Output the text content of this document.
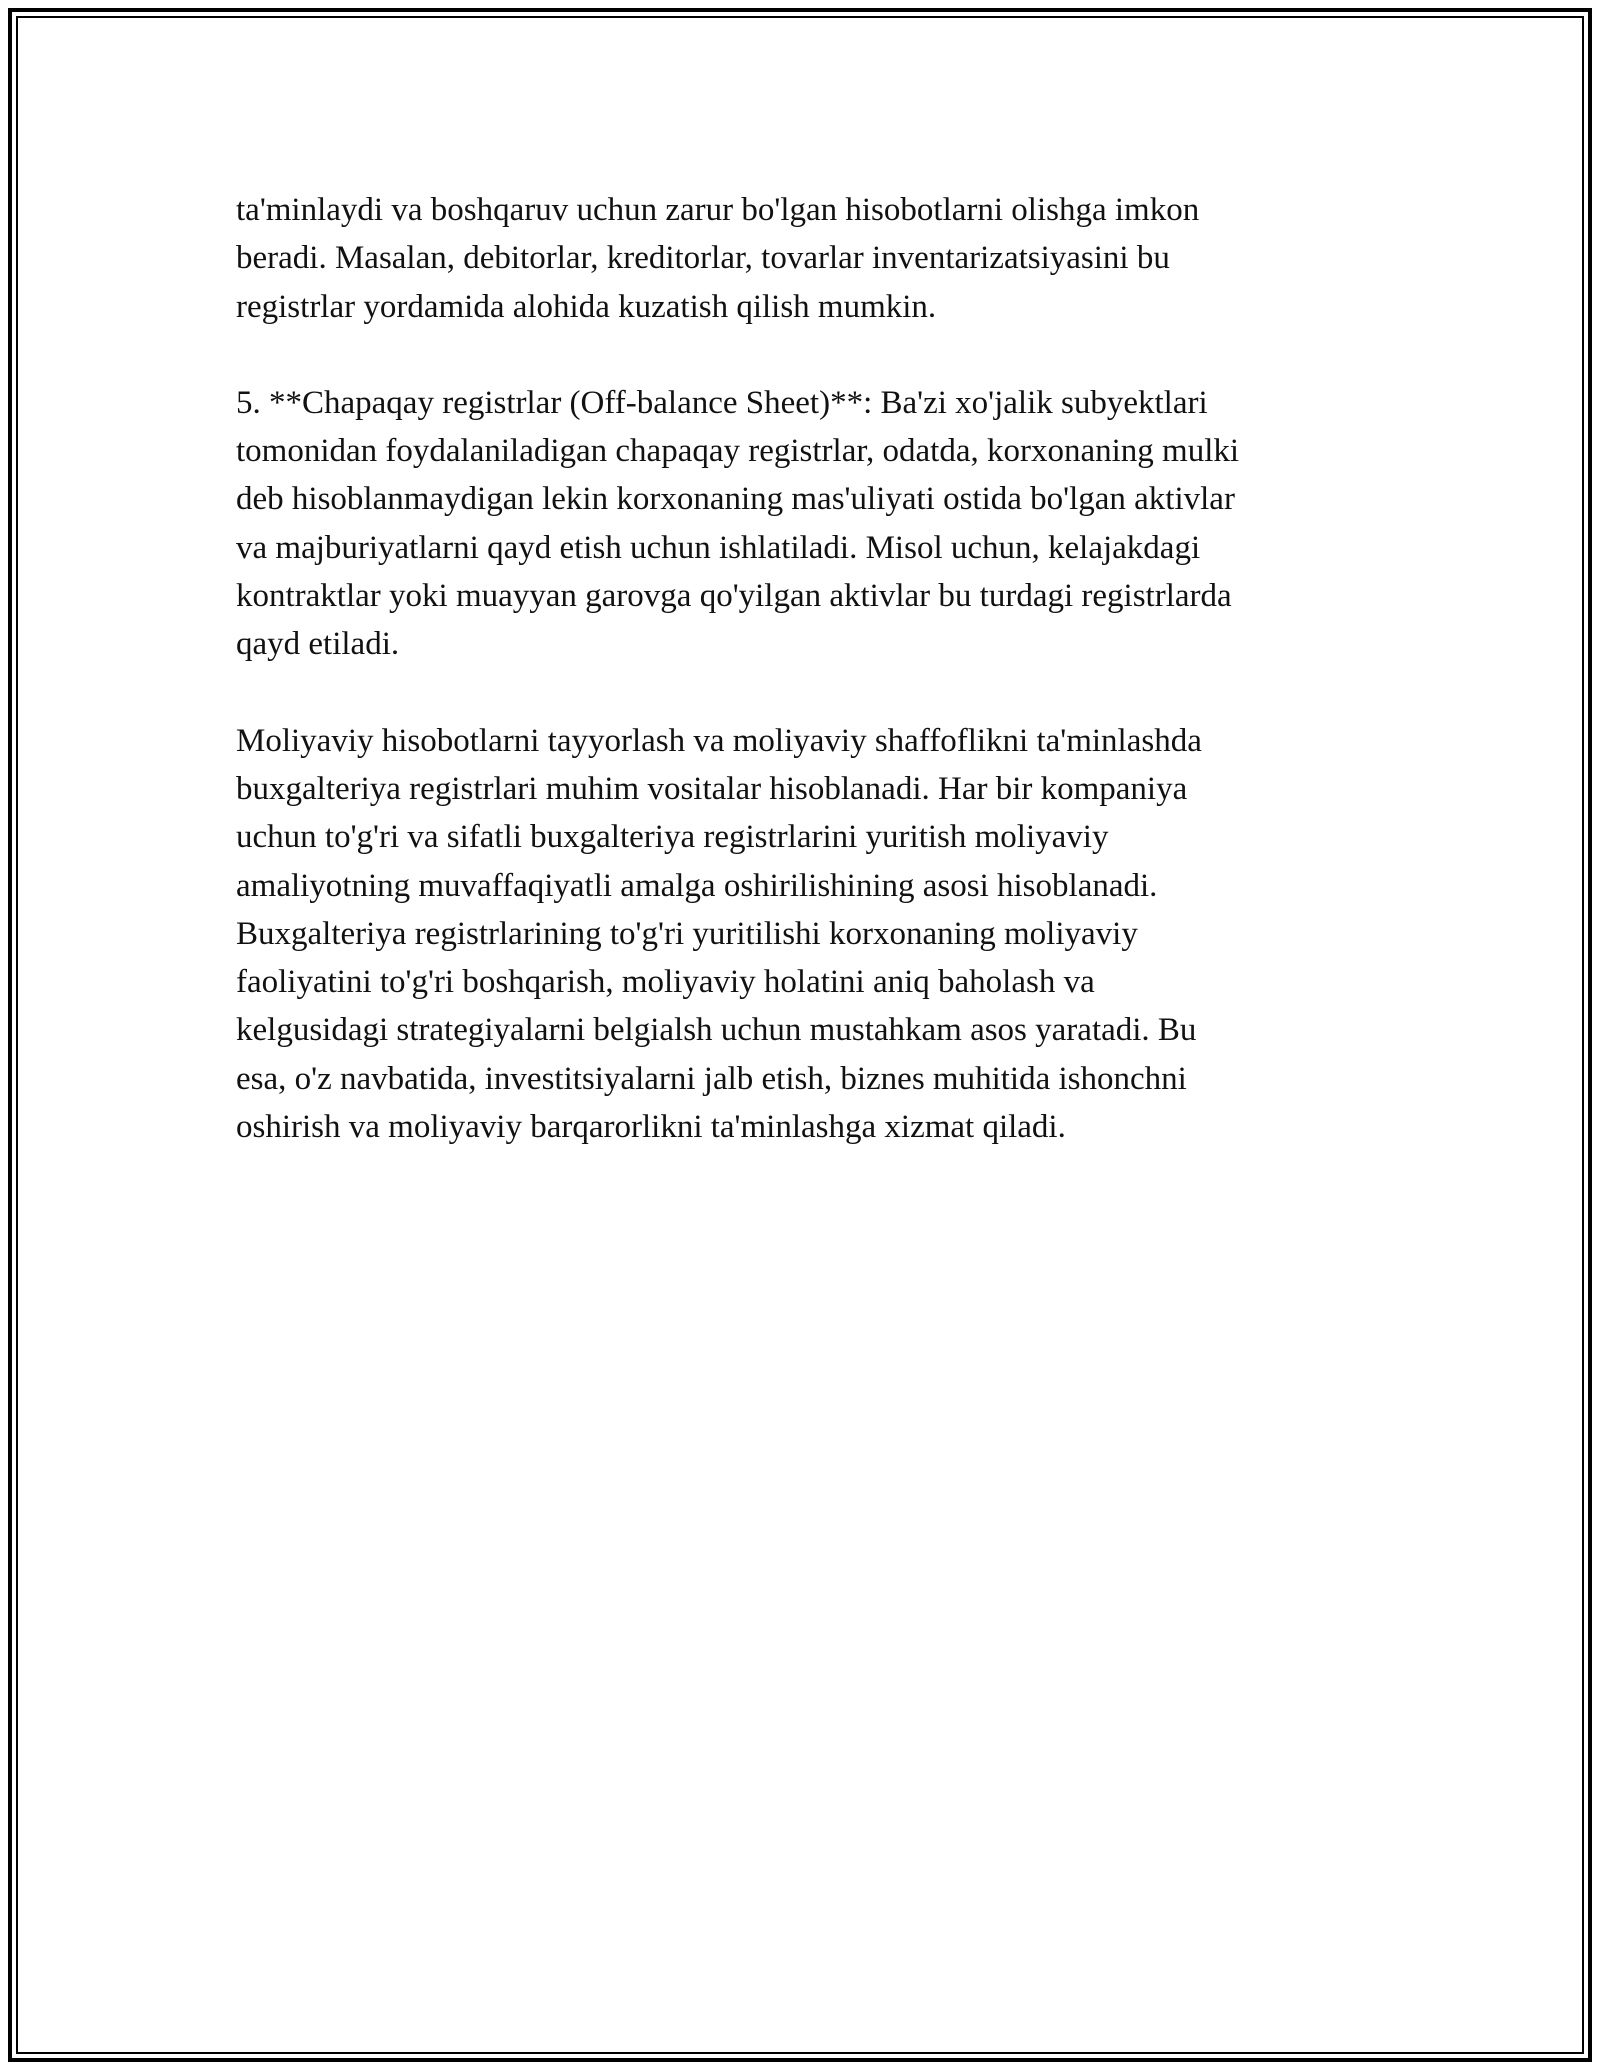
ta'minlaydi va boshqaruv uchun zarur bo'lgan hisobotlarni olishga imkon
beradi. Masalan, debitorlar, kreditorlar, tovarlar inventarizatsiyasini bu
registrlar yordamida alohida kuzatish qilish mumkin.

5. **Chapaqay registrlar (Off-balance Sheet)**: Ba'zi xo'jalik subyektlari
tomonidan foydalaniladigan chapaqay registrlar, odatda, korxonaning mulki
deb hisoblanmaydigan lekin korxonaning mas'uliyati ostida bo'lgan aktivlar
va majburiyatlarni qayd etish uchun ishlatiladi. Misol uchun, kelajakdagi
kontraktlar yoki muayyan garovga qo'yilgan aktivlar bu turdagi registrlarda
qayd etiladi.

Moliyaviy hisobotlarni tayyorlash va moliyaviy shaffoflikni ta'minlashda
buxgalteriya registrlari muhim vositalar hisoblanadi. Har bir kompaniya
uchun to'g'ri va sifatli buxgalteriya registrlarini yuritish moliyaviy
amaliyotning muvaffaqiyatli amalga oshirilishining asosi hisoblanadi.
Buxgalteriya registrlarining to'g'ri yuritilishi korxonaning moliyaviy
faoliyatini to'g'ri boshqarish, moliyaviy holatini aniq baholash va
kelgusidagi strategiyalarni belgialsh uchun mustahkam asos yaratadi. Bu
esa, o'z navbatida, investitsiyalarni jalb etish, biznes muhitida ishonchni
oshirish va moliyaviy barqarorlikni ta'minlashga xizmat qiladi.
